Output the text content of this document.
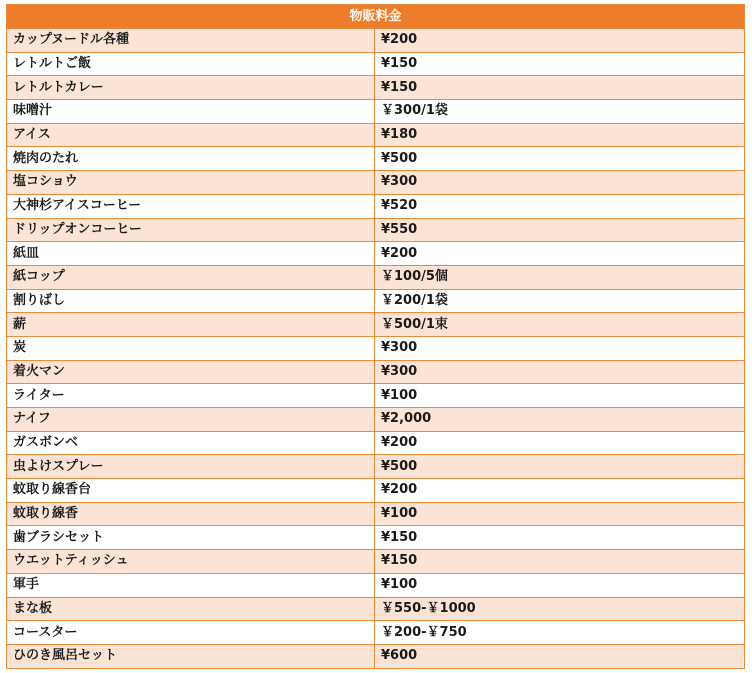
物販料金	
カップヌードル各種	¥200
レトルトご飯	¥150
レトルトカレー	¥150
味噌汁	￥300/1袋
アイス	¥180
焼肉のたれ	¥500
塩コショウ	¥300
大神杉アイスコーヒー	¥520
ドリップオンコーヒー	¥550
紙皿	¥200
紙コップ	￥100/5個
割りばし	￥200/1袋
薪	￥500/1束
炭	¥300
着火マン	¥300
ライター	¥100
ナイフ	¥2,000
ガスボンベ	¥200
虫よけスプレー	¥500
蚊取り線香台	¥200
蚊取り線香	¥100
歯ブラシセット	¥150
ウエットティッシュ	¥150
軍手	¥100
まな板	￥550-￥1000
コースター	￥200-￥750
ひのき風呂セット	¥600
